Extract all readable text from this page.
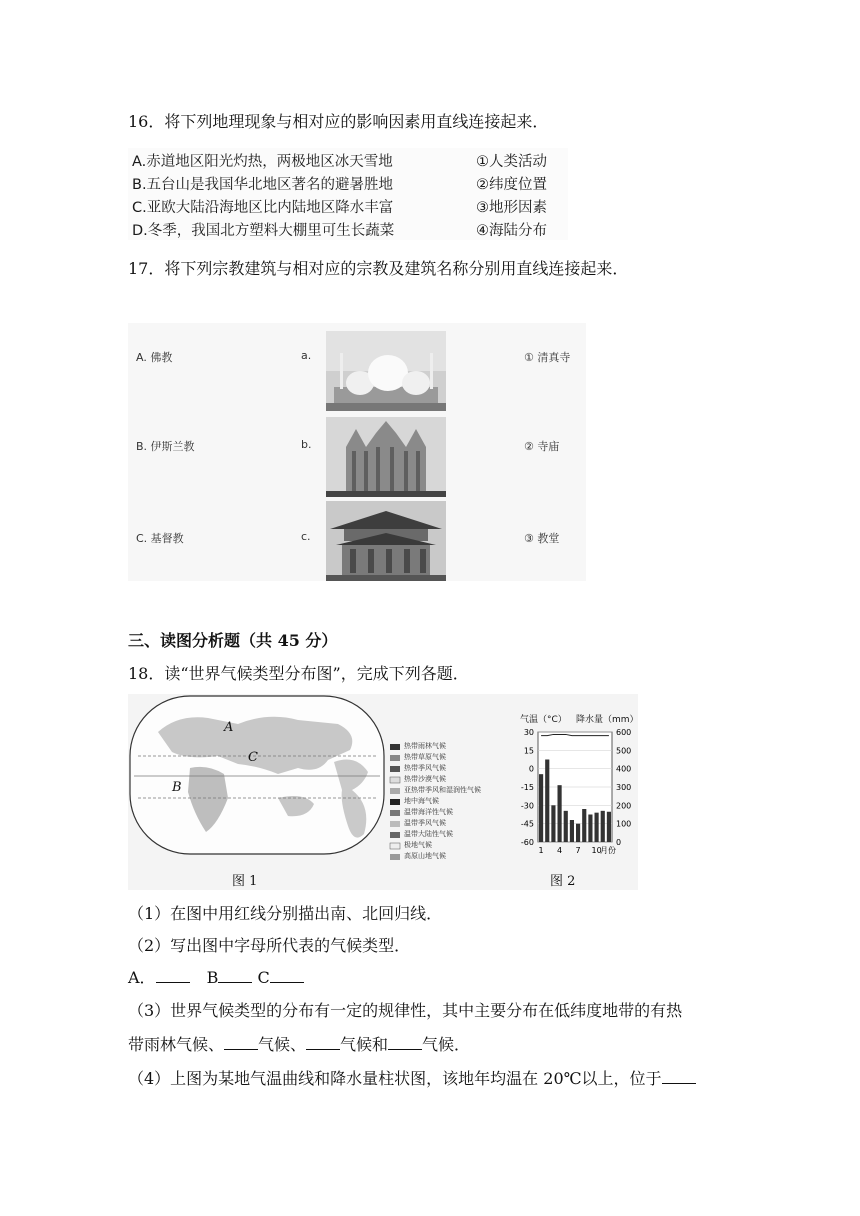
16．将下列地理现象与相对应的影响因素用直线连接起来．
A.赤道地区阳光灼热，两极地区冰天雪地
B.五台山是我国华北地区著名的避暑胜地
C.亚欧大陆沿海地区比内陆地区降水丰富
D.冬季，我国北方塑料大棚里可生长蔬菜
①人类活动
②纬度位置
③地形因素
④海陆分布
17．将下列宗教建筑与相对应的宗教及建筑名称分别用直线连接起来．
A. 佛教
B. 伊斯兰教
C. 基督教
a.
b.
c.
① 清真寺
② 寺庙
③ 教堂
三、读图分析题（共 45 分）
18．读“世界气候类型分布图”，完成下列各题．
30
15
0
-15
-30
-45
-60
600
500
400
300
200
100
0
1 4 7 10
月份
A
B
C
热带雨林气候
热带草原气候
热带季风气候
热带沙漠气候
亚热带季风和湿润性气候
地中海气候
温带海洋性气候
温带季风气候
温带大陆性气候
极地气候
高原山地气候
气温（°C） 降水量（mm）
图 1	图 2
（1）在图中用红线分别描出南、北回归线．
（2）写出图中字母所代表的气候类型．
A．	B C
（3）世界气候类型的分布有一定的规律性，其中主要分布在低纬度地带的有热
带雨林气候、 气候、 气候和 气候．
（4）上图为某地气温曲线和降水量柱状图，该地年均温在 20℃以上，位于
